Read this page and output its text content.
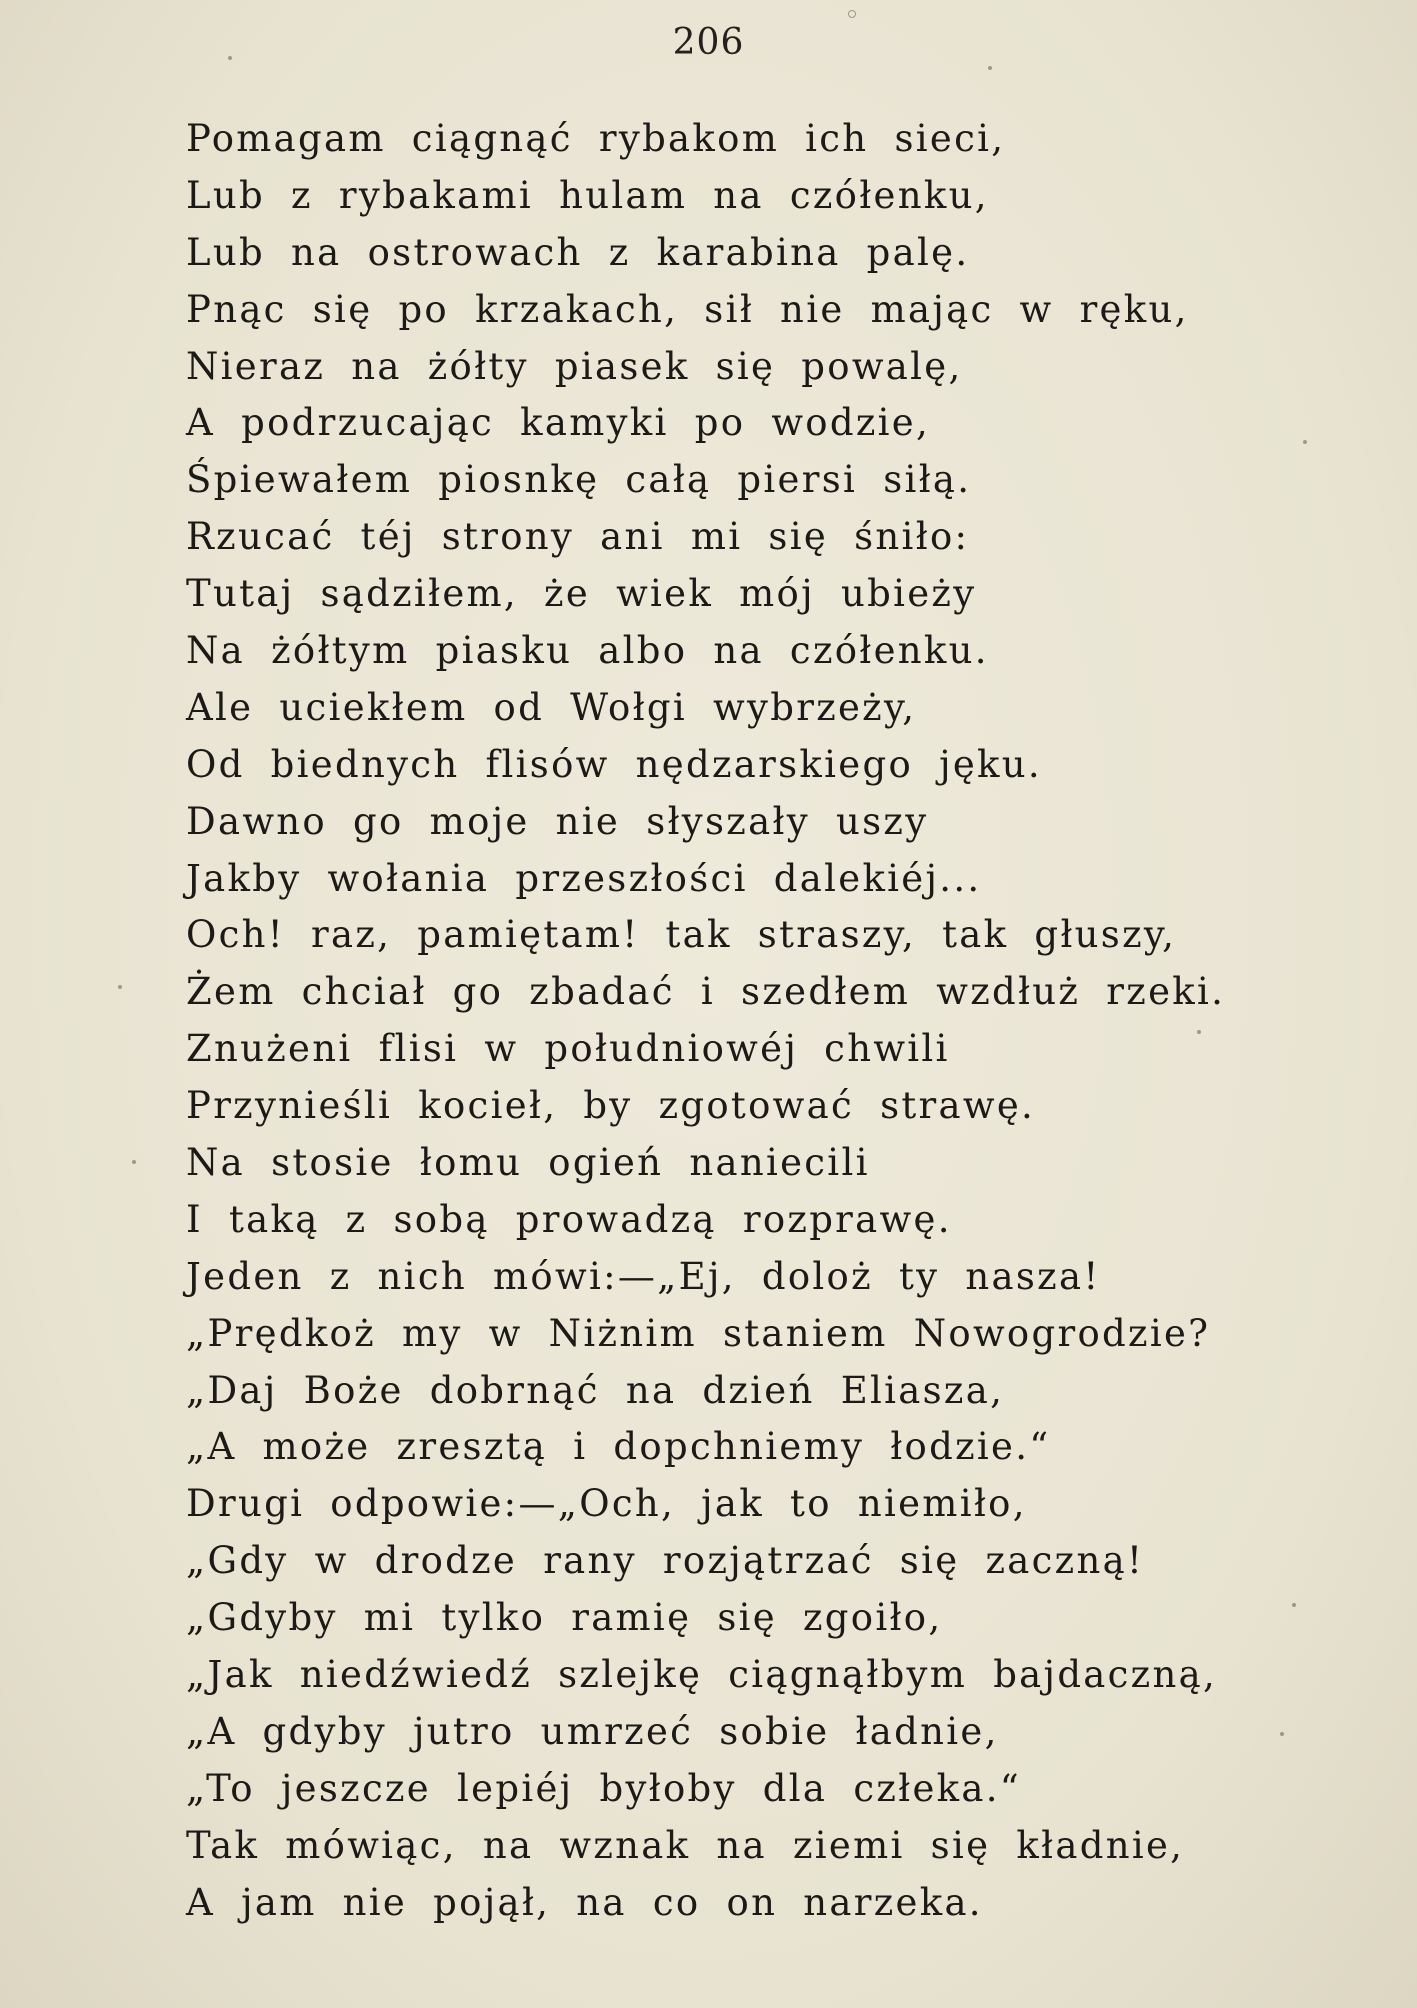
206
Pomagam ciągnąć rybakom ich sieci,
Lub z rybakami hulam na czółenku,
Lub na ostrowach z karabina palę.
Pnąc się po krzakach, sił nie mając w ręku,
Nieraz na żółty piasek się powalę,
A podrzucając kamyki po wodzie,
Śpiewałem piosnkę całą piersi siłą.
Rzucać téj strony ani mi się śniło:
Tutaj sądziłem, że wiek mój ubieży
Na żółtym piasku albo na czółenku.
Ale uciekłem od Wołgi wybrzeży,
Od biednych flisów nędzarskiego jęku.
Dawno go moje nie słyszały uszy
Jakby wołania przeszłości dalekiéj...
Och! raz, pamiętam! tak straszy, tak głuszy,
Żem chciał go zbadać i szedłem wzdłuż rzeki.
Znużeni flisi w południowéj chwili
Przynieśli kocieł, by zgotować strawę.
Na stosie łomu ogień naniecili
I taką z sobą prowadzą rozprawę.
Jeden z nich mówi:—„Ej, doloż ty nasza!
„Prędkoż my w Niżnim staniem Nowogrodzie?
„Daj Boże dobrnąć na dzień Eliasza,
„A może zresztą i dopchniemy łodzie.“
Drugi odpowie:—„Och, jak to niemiło,
„Gdy w drodze rany rozjątrzać się zaczną!
„Gdyby mi tylko ramię się zgoiło,
„Jak niedźwiedź szlejkę ciągnąłbym bajdaczną,
„A gdyby jutro umrzeć sobie ładnie,
„To jeszcze lepiéj byłoby dla człeka.“
Tak mówiąc, na wznak na ziemi się kładnie,
A jam nie pojął, na co on narzeka.
